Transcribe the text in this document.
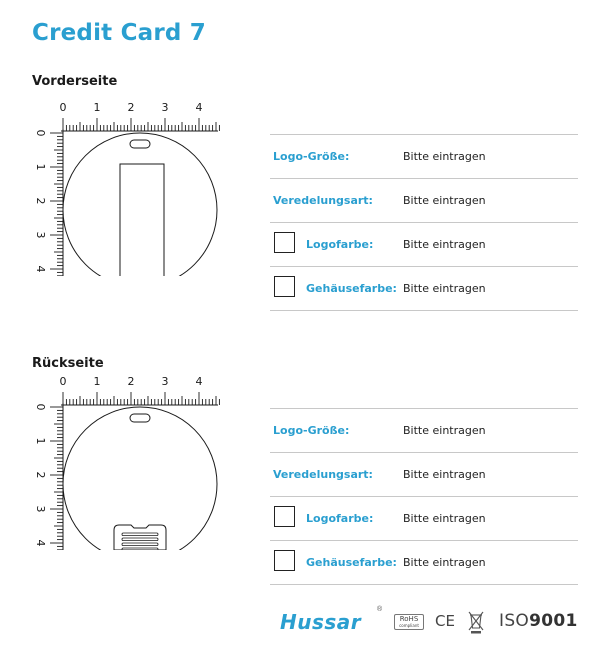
Credit Card 7
Vorderseite
0 1 2 3 4
0
1
2
3
4
Logo-Größe:	Bitte eintragen
Veredelungsart:	Bitte eintragen
Logofarbe:	Bitte eintragen
Gehäusefarbe: Bitte eintragen
Rückseite
0 1 2 3 4
0
1
2
3
4
Logo-Größe:	Bitte eintragen
Veredelungsart:	Bitte eintragen
Logofarbe:	Bitte eintragen
Gehäusefarbe: Bitte eintragen
Hussar
®
RoHS
compliant CE	ISO9001
